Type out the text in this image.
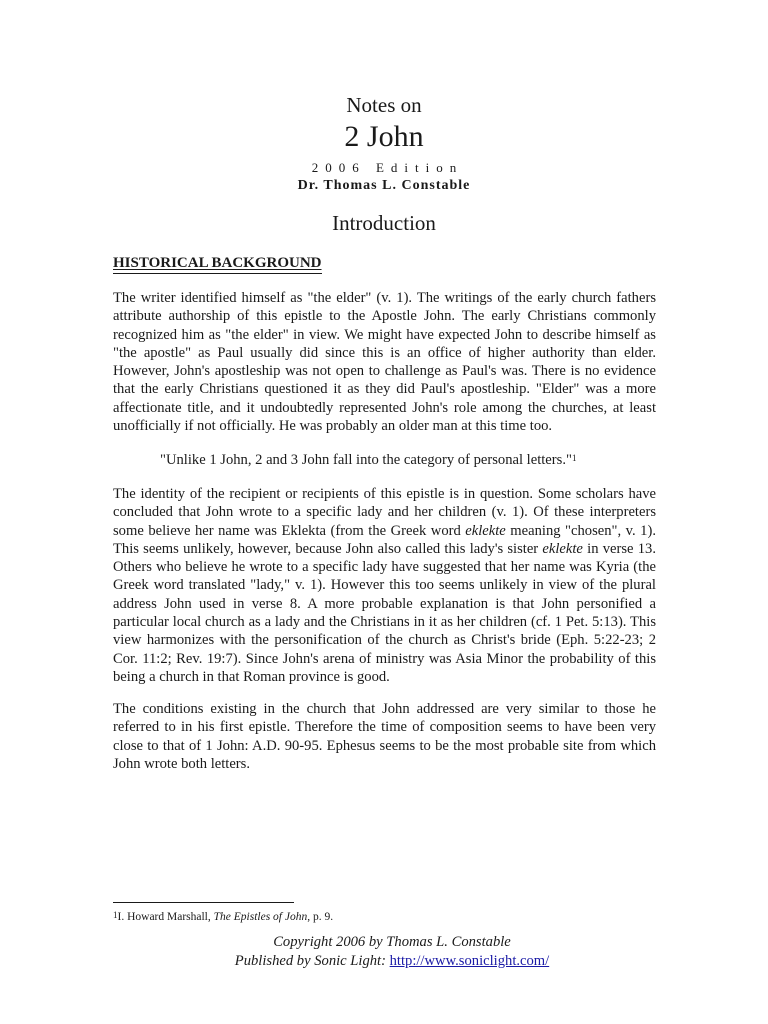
Notes on
2 John
2006 Edition
Dr. Thomas L. Constable
Introduction
HISTORICAL BACKGROUND

The writer identified himself as "the elder" (v. 1). The writings of the early church fathers attribute authorship of this epistle to the Apostle John. The early Christians commonly recognized him as "the elder" in view. We might have expected John to describe himself as "the apostle" as Paul usually did since this is an office of higher authority than elder. However, John's apostleship was not open to challenge as Paul's was. There is no evidence that the early Christians questioned it as they did Paul's apostleship. "Elder" was a more affectionate title, and it undoubtedly represented John's role among the churches, at least unofficially if not officially. He was probably an older man at this time too.

"Unlike 1 John, 2 and 3 John fall into the category of personal letters."$^1$

The identity of the recipient or recipients of this epistle is in question. Some scholars have concluded that John wrote to a specific lady and her children (v. 1). Of these interpreters some believe her name was Eklekta (from the Greek word eklekte meaning "chosen", v. 1). This seems unlikely, however, because John also called this lady's sister eklekte in verse 13. Others who believe he wrote to a specific lady have suggested that her name was Kyria (the Greek word translated "lady," v. 1). However this too seems unlikely in view of the plural address John used in verse 8. A more probable explanation is that John personified a particular local church as a lady and the Christians in it as her children (cf. 1 Pet. 5:13). This view harmonizes with the personification of the church as Christ's bride (Eph. 5:22-23; 2 Cor. 11:2; Rev. 19:7). Since John's arena of ministry was Asia Minor the probability of this being a church in that Roman province is good.

The conditions existing in the church that John addressed are very similar to those he referred to in his first epistle. Therefore the time of composition seems to have been very close to that of 1 John: A.D. 90-95. Ephesus seems to be the most probable site from which John wrote both letters.

$^1$I. Howard Marshall, The Epistles of John, p. 9.
Copyright 2006 by Thomas L. Constable
Published by Sonic Light: http://www.soniclight.com/
